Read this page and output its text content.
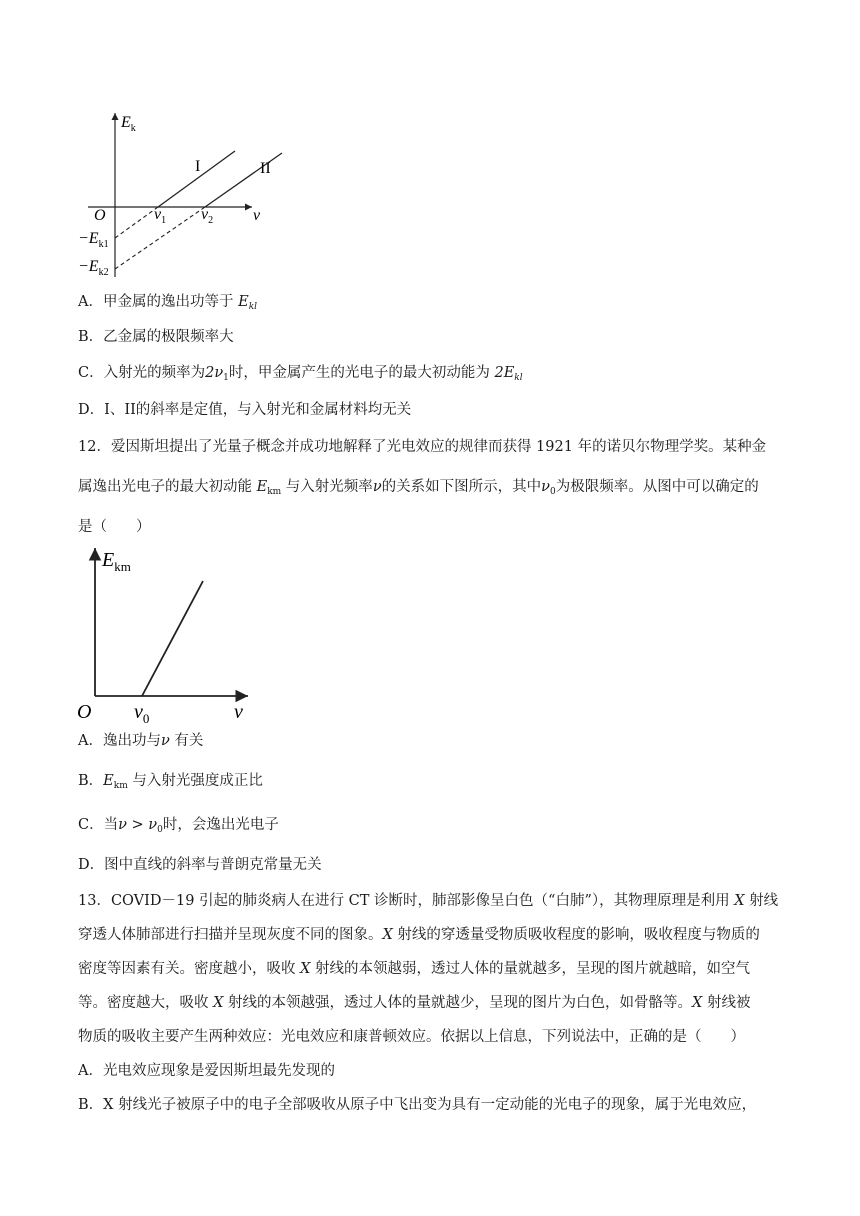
$E_k$
I	II
O	$v_1$ $v_2$ v
$-E_{k1}$
$-E_{k2}$
A．甲金属的逸出功等于 $E_{kl}$
B．乙金属的极限频率大
C．入射光的频率为$2\nu_1$时，甲金属产生的光电子的最大初动能为 $2E_{kl}$
D．I、II的斜率是定值，与入射光和金属材料均无关
12．爱因斯坦提出了光量子概念并成功地解释了光电效应的规律而获得 1921 年的诺贝尔物理学奖。某种金
属逸出光电子的最大初动能 $E_{km}$ 与入射光频率ν的关系如下图所示，其中$\nu_0$为极限频率。从图中可以确定的
是（　　）
$E_{km}$
O $v_0$	v
A．逸出功与ν 有关
B．$E_{km}$ 与入射光强度成正比
C．当$\nu > \nu_0$时，会逸出光电子
D．图中直线的斜率与普朗克常量无关
13．COVID－19 引起的肺炎病人在进行 CT 诊断时，肺部影像呈白色（“白肺”），其物理原理是利用 X 射线
穿透人体肺部进行扫描并呈现灰度不同的图象。X 射线的穿透量受物质吸收程度的影响，吸收程度与物质的
密度等因素有关。密度越小，吸收 X 射线的本领越弱，透过人体的量就越多，呈现的图片就越暗，如空气
等。密度越大，吸收 X 射线的本领越强，透过人体的量就越少，呈现的图片为白色，如骨骼等。X 射线被
物质的吸收主要产生两种效应：光电效应和康普顿效应。依据以上信息，下列说法中，正确的是（　　）
A．光电效应现象是爱因斯坦最先发现的
B．X 射线光子被原子中的电子全部吸收从原子中飞出变为具有一定动能的光电子的现象，属于光电效应，
